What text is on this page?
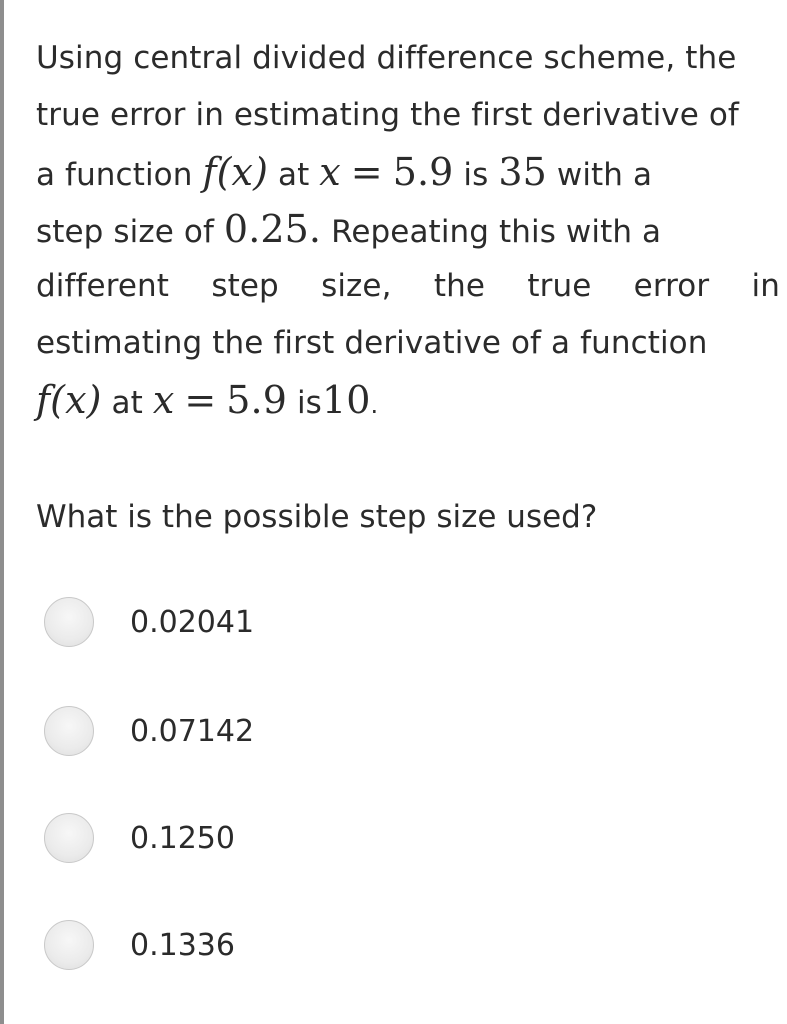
Using central divided difference scheme, the
true error in estimating the first derivative of
a function f(x) at x = 5.9 is 35 with a
step size of 0.25. Repeating this with a
different step size, the true error in
estimating the first derivative of a function
f(x) at x = 5.9 is10.
What is the possible step size used?
0.02041
0.07142
0.1250
0.1336
